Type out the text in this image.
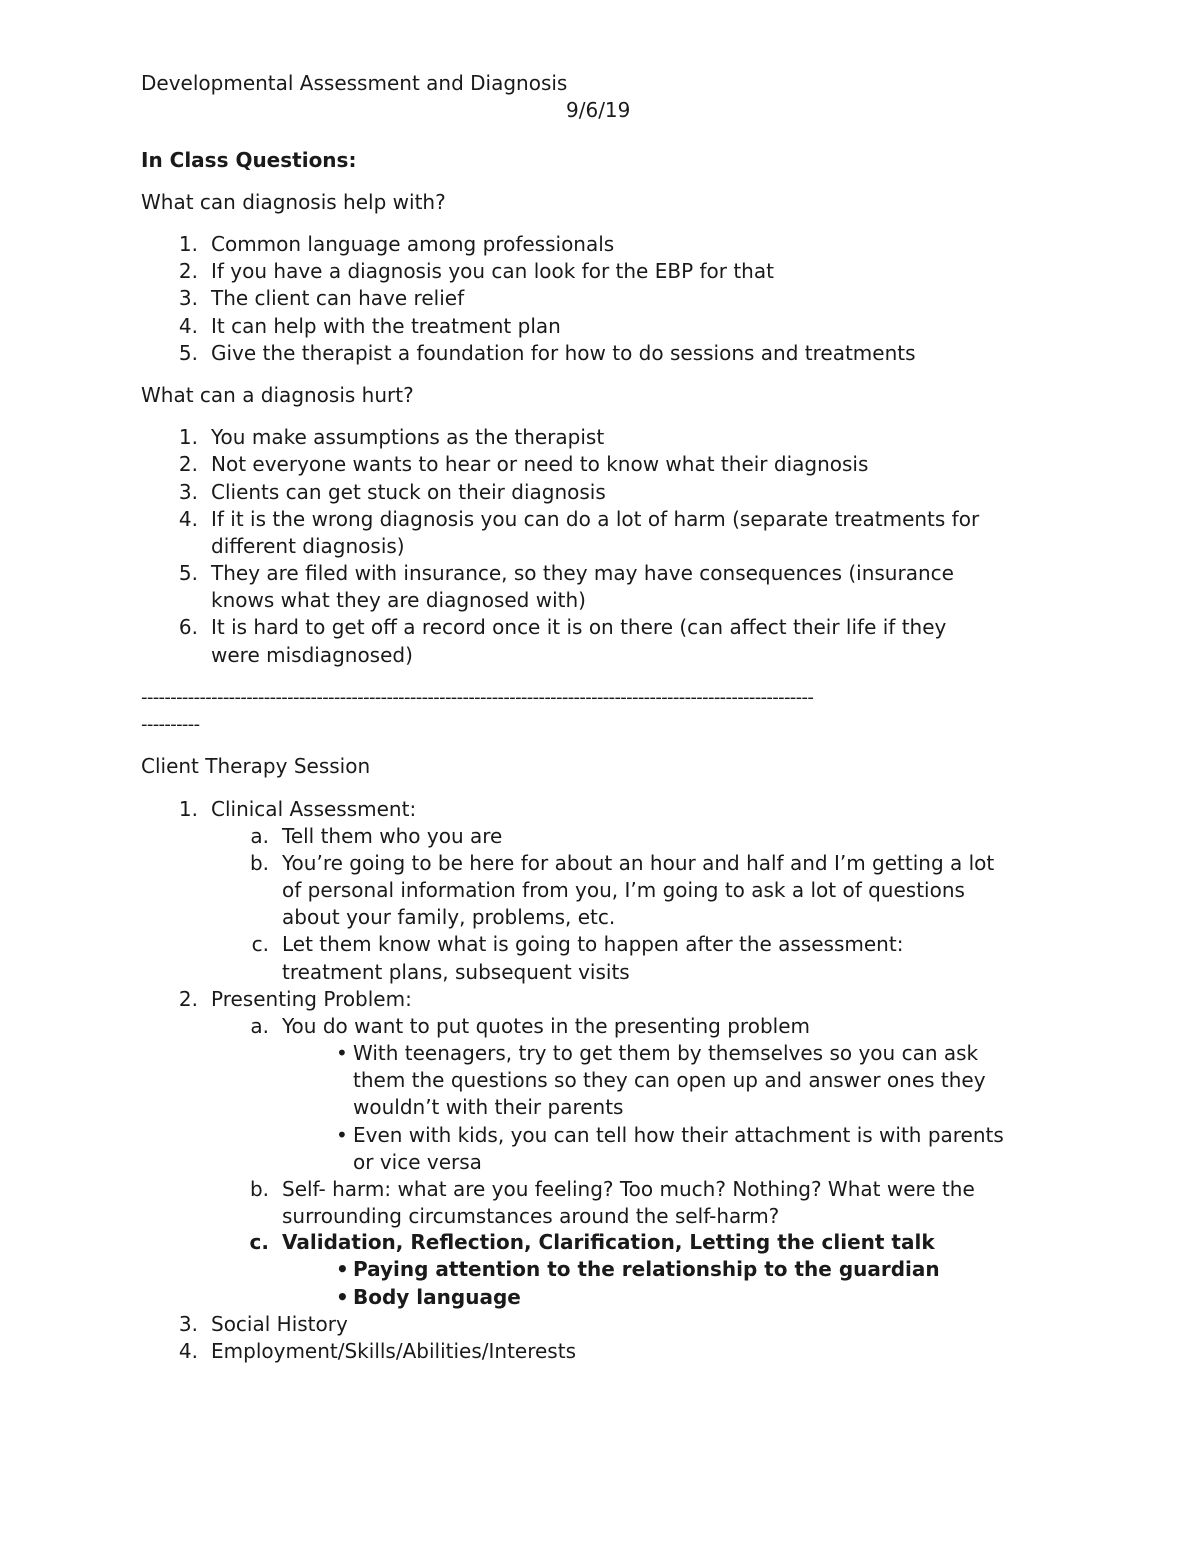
Developmental Assessment and Diagnosis
9/6/19
In Class Questions:
What can diagnosis help with?
1. Common language among professionals
2. If you have a diagnosis you can look for the EBP for that
3. The client can have relief
4. It can help with the treatment plan
5. Give the therapist a foundation for how to do sessions and treatments
What can a diagnosis hurt?
1. You make assumptions as the therapist
2. Not everyone wants to hear or need to know what their diagnosis
3. Clients can get stuck on their diagnosis
4. If it is the wrong diagnosis you can do a lot of harm (separate treatments for
different diagnosis)
5. They are filed with insurance, so they may have consequences (insurance
knows what they are diagnosed with)
6. It is hard to get off a record once it is on there (can affect their life if they
were misdiagnosed)
-------------------------------------------------------------------------------------------------------------------
----------
Client Therapy Session
1. Clinical Assessment:
a. Tell them who you are
b. You’re going to be here for about an hour and half and I’m getting a lot
of personal information from you, I’m going to ask a lot of questions
about your family, problems, etc.
c. Let them know what is going to happen after the assessment:
treatment plans, subsequent visits
2. Presenting Problem:
a. You do want to put quotes in the presenting problem
• With teenagers, try to get them by themselves so you can ask
them the questions so they can open up and answer ones they
wouldn’t with their parents
• Even with kids, you can tell how their attachment is with parents
or vice versa
b. Self- harm: what are you feeling? Too much? Nothing? What were the
surrounding circumstances around the self-harm?
c. Validation, Reflection, Clarification, Letting the client talk
• Paying attention to the relationship to the guardian
• Body language
3. Social History
4. Employment/Skills/Abilities/Interests
